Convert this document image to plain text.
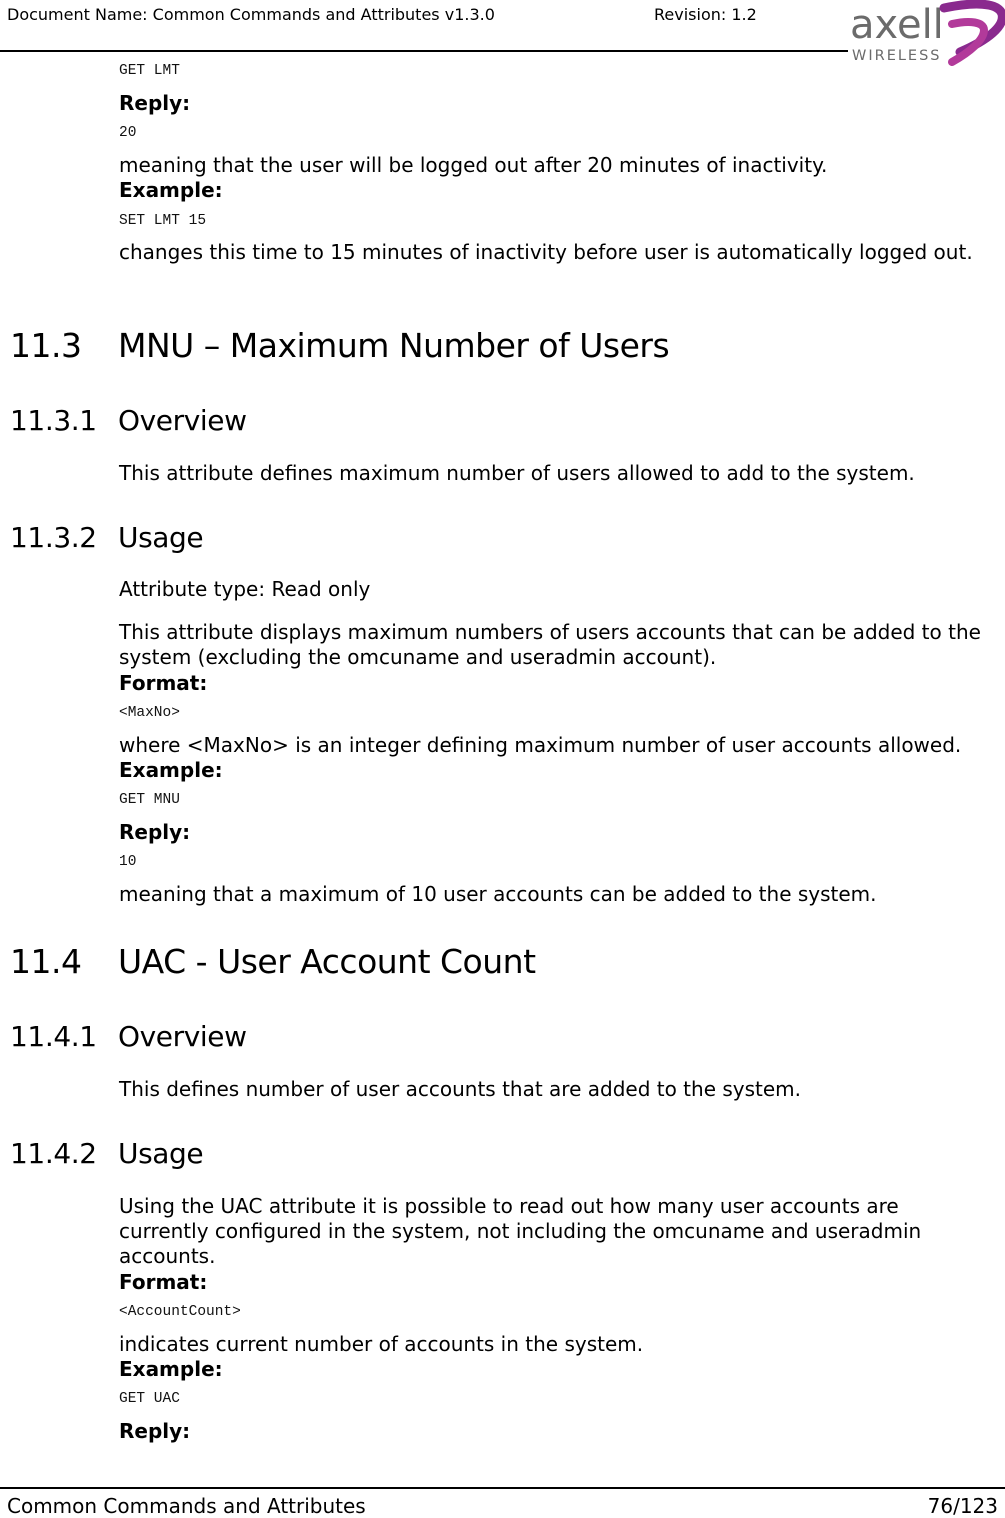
Document Name: Common Commands and Attributes v1.3.0	Revision: 1.2 axell
WIRELESS
GET LMT
Reply:
20
meaning that the user will be logged out after 20 minutes of inactivity.
Example:
SET LMT 15

changes this time to 15 minutes of inactivity before user is automatically logged out.

11.3 MNU – Maximum Number of Users
11.3.1 Overview
This attribute defines maximum number of users allowed to add to the system.
11.3.2 Usage
Attribute type: Read only

This attribute displays maximum numbers of users accounts that can be added to the system (excluding the omcuname and useradmin account).

Format:
<MaxNo>
where <MaxNo> is an integer defining maximum number of user accounts allowed.
Example:
GET MNU
Reply:
10
meaning that a maximum of 10 user accounts can be added to the system.
11.4 UAC - User Account Count
11.4.1 Overview
This defines number of user accounts that are added to the system.
11.4.2 Usage

Using the UAC attribute it is possible to read out how many user accounts are currently configured in the system, not including the omcuname and useradmin accounts.

Format:
<AccountCount>
indicates current number of accounts in the system.
Example:
GET UAC
Reply:
Common Commands and Attributes	76/123
